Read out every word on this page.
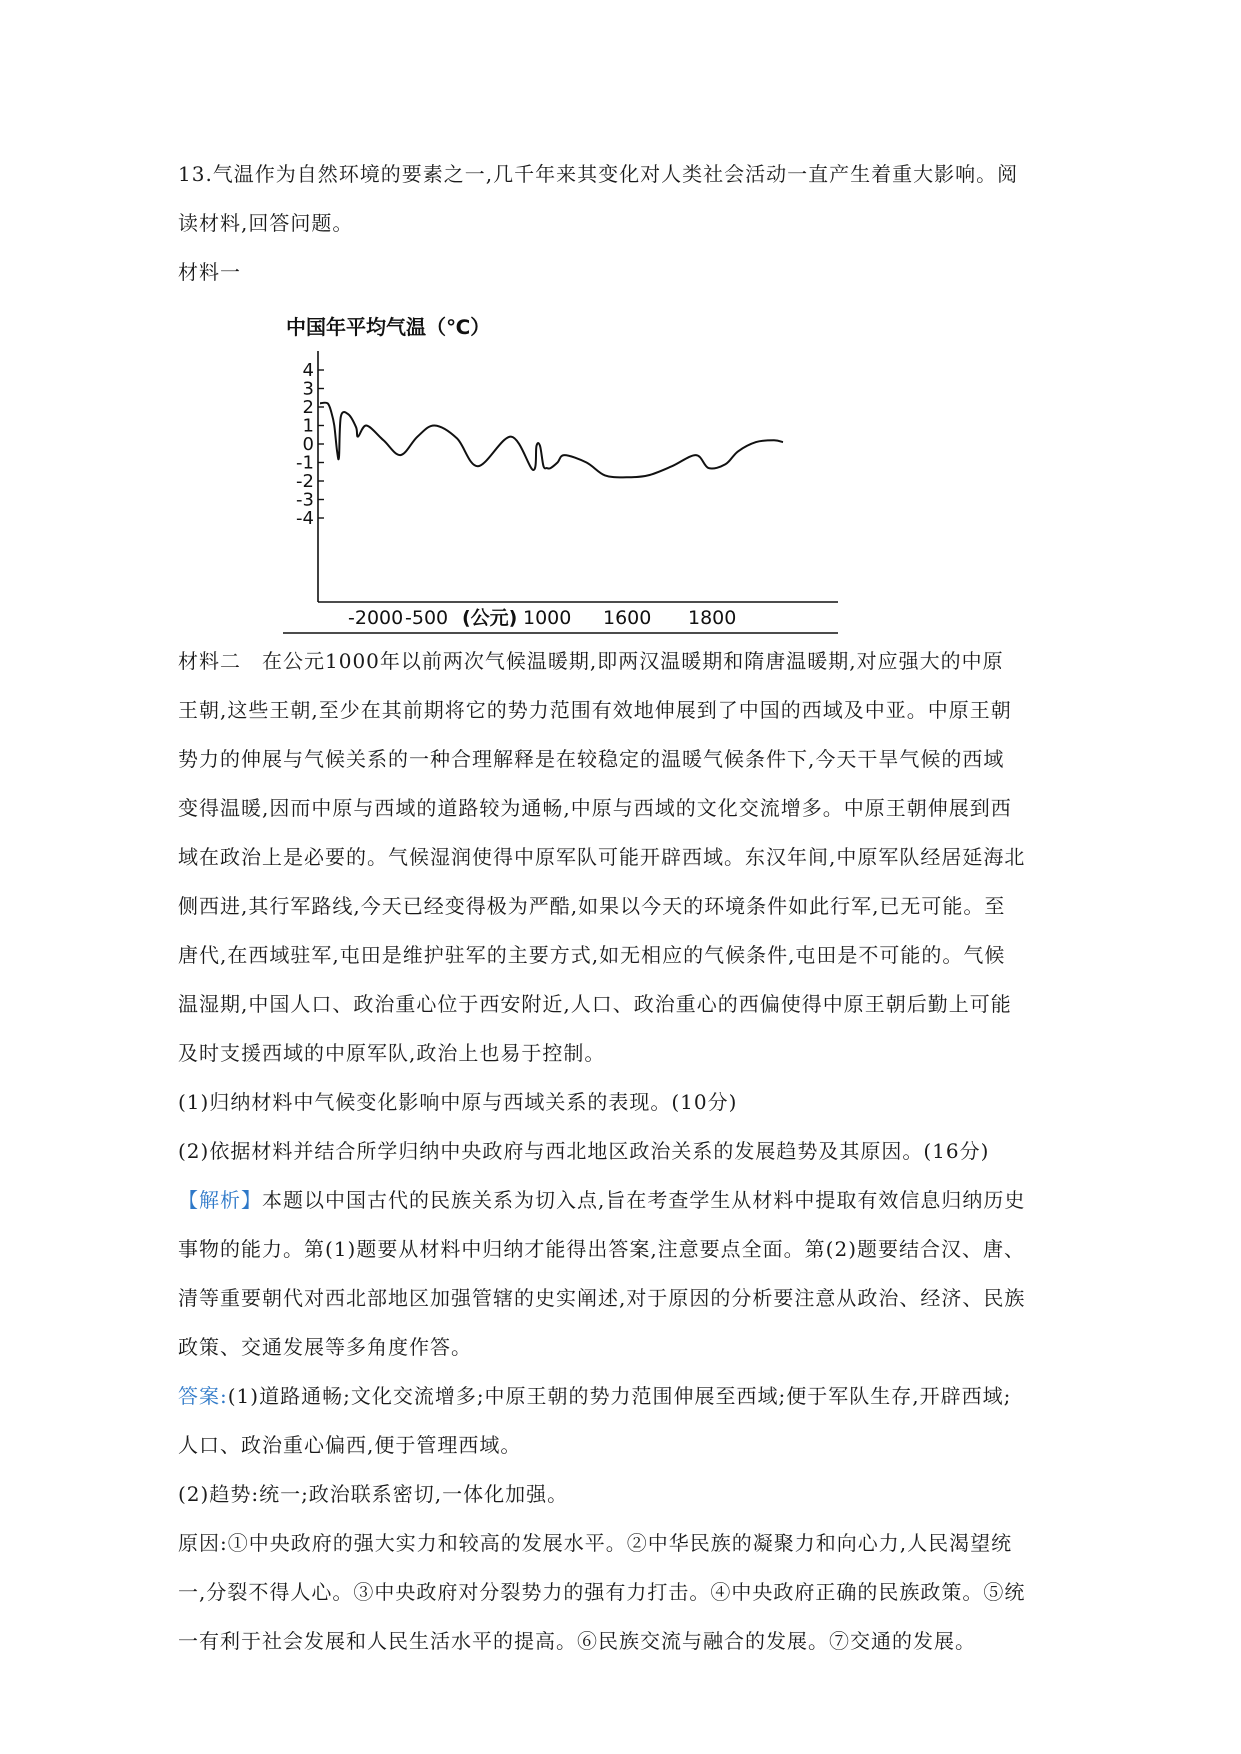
13.气温作为自然环境的要素之一,几千年来其变化对人类社会活动一直产生着重大影响。阅

读材料,回答问题。

材料一

中国年平均气温（℃）
4
3
2
1
0
-1
-2
-3
-4
-2000 -500 (公元) 1000 1600 1800

材料二　在公元1000年以前两次气候温暖期,即两汉温暖期和隋唐温暖期,对应强大的中原

王朝,这些王朝,至少在其前期将它的势力范围有效地伸展到了中国的西域及中亚。中原王朝

势力的伸展与气候关系的一种合理解释是在较稳定的温暖气候条件下,今天干旱气候的西域

变得温暖,因而中原与西域的道路较为通畅,中原与西域的文化交流增多。中原王朝伸展到西

域在政治上是必要的。气候湿润使得中原军队可能开辟西域。东汉年间,中原军队经居延海北

侧西进,其行军路线,今天已经变得极为严酷,如果以今天的环境条件如此行军,已无可能。至

唐代,在西域驻军,屯田是维护驻军的主要方式,如无相应的气候条件,屯田是不可能的。气候

温湿期,中国人口、政治重心位于西安附近,人口、政治重心的西偏使得中原王朝后勤上可能

及时支援西域的中原军队,政治上也易于控制。

(1)归纳材料中气候变化影响中原与西域关系的表现。(10分)

(2)依据材料并结合所学归纳中央政府与西北地区政治关系的发展趋势及其原因。(16分)

【解析】本题以中国古代的民族关系为切入点,旨在考查学生从材料中提取有效信息归纳历史

事物的能力。第(1)题要从材料中归纳才能得出答案,注意要点全面。第(2)题要结合汉、唐、

清等重要朝代对西北部地区加强管辖的史实阐述,对于原因的分析要注意从政治、经济、民族

政策、交通发展等多角度作答。

答案:(1)道路通畅;文化交流增多;中原王朝的势力范围伸展至西域;便于军队生存,开辟西域;

人口、政治重心偏西,便于管理西域。

(2)趋势:统一;政治联系密切,一体化加强。

原因:①中央政府的强大实力和较高的发展水平。②中华民族的凝聚力和向心力,人民渴望统

一,分裂不得人心。③中央政府对分裂势力的强有力打击。④中央政府正确的民族政策。⑤统

一有利于社会发展和人民生活水平的提高。⑥民族交流与融合的发展。⑦交通的发展。
